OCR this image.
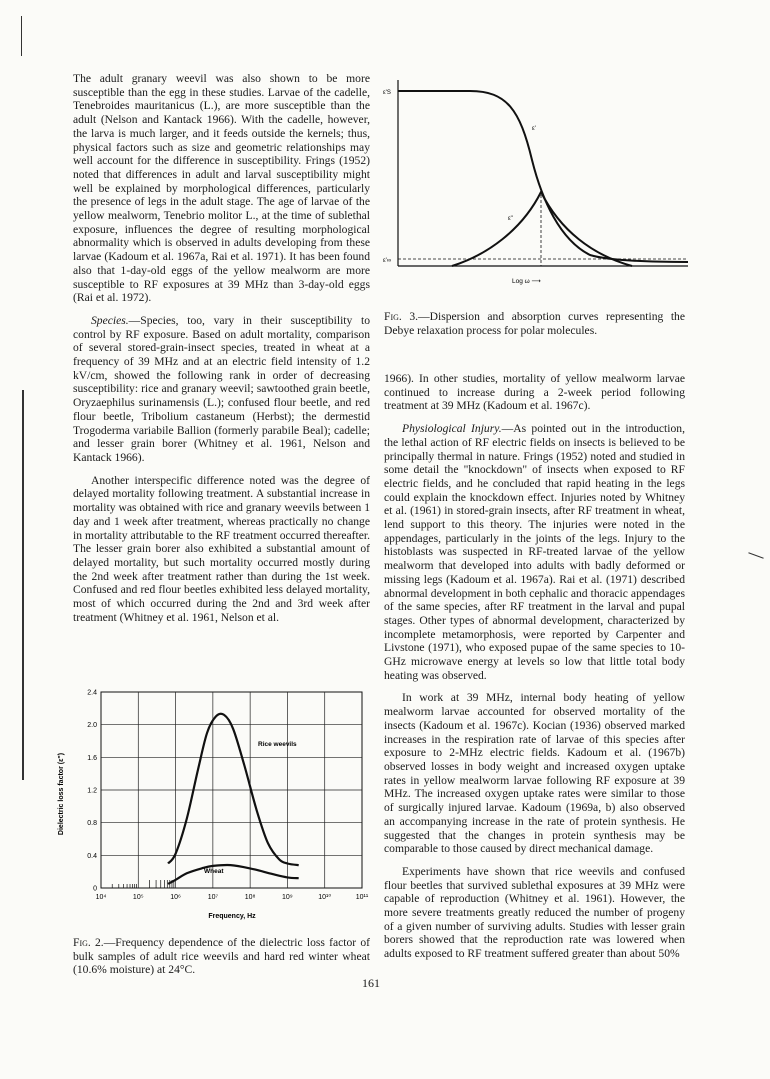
The adult granary weevil was also shown to be more susceptible than the egg in these studies. Larvae of the cadelle, Tenebroides mauritanicus (L.), are more susceptible than the adult (Nelson and Kantack 1966). With the cadelle, however, the larva is much larger, and it feeds outside the kernels; thus, physical factors such as size and geometric relationships may well account for the difference in susceptibility. Frings (1952) noted that differences in adult and larval susceptibility might well be explained by morphological differences, particularly the presence of legs in the adult stage. The age of larvae of the yellow mealworm, Tenebrio molitor L., at the time of sublethal exposure, influences the degree of resulting morphological abnormality which is observed in adults developing from these larvae (Kadoum et al. 1967a, Rai et al. 1971). It has been found also that 1-day-old eggs of the yellow mealworm are more susceptible to RF exposures at 39 MHz than 3-day-old eggs (Rai et al. 1972).

Species.—Species, too, vary in their susceptibility to control by RF exposure. Based on adult mortality, comparison of several stored-grain-insect species, treated in wheat at a frequency of 39 MHz and at an electric field intensity of 1.2 kV/cm, showed the following rank in order of decreasing susceptibility: rice and granary weevil; sawtoothed grain beetle, Oryzaephilus surinamensis (L.); confused flour beetle, and red flour beetle, Tribolium castaneum (Herbst); the dermestid Trogoderma variabile Ballion (formerly parabile Beal); cadelle; and lesser grain borer (Whitney et al. 1961, Nelson and Kantack 1966).

Another interspecific difference noted was the degree of delayed mortality following treatment. A substantial increase in mortality was obtained with rice and granary weevils between 1 day and 1 week after treatment, whereas practically no change in mortality attributable to the RF treatment occurred thereafter. The lesser grain borer also exhibited a substantial amount of delayed mortality, but such mortality occurred mostly during the 2nd week after treatment rather than during the 1st week. Confused and red flour beetles exhibited less delayed mortality, most of which occurred during the 2nd and 3rd week after treatment (Whitney et al. 1961, Nelson et al.

ε'S
ε'
ε"
ε'∞
Log ω ⟶
Fig. 3.—Dispersion and absorption curves representing the Debye relaxation process for polar molecules.

1966). In other studies, mortality of yellow mealworm larvae continued to increase during a 2-week period following treatment at 39 MHz (Kadoum et al. 1967c).

Physiological Injury.—As pointed out in the introduction, the lethal action of RF electric fields on insects is believed to be principally thermal in nature. Frings (1952) noted and studied in some detail the "knockdown" of insects when exposed to RF electric fields, and he concluded that rapid heating in the legs could explain the knockdown effect. Injuries noted by Whitney et al. (1961) in stored-grain insects, after RF treatment in wheat, lend support to this theory. The injuries were noted in the appendages, particularly in the joints of the legs. Injury to the histoblasts was suspected in RF-treated larvae of the yellow mealworm that developed into adults with badly deformed or missing legs (Kadoum et al. 1967a). Rai et al. (1971) described abnormal development in both cephalic and thoracic appendages of the same species, after RF treatment in the larval and pupal stages. Other types of abnormal development, characterized by incomplete metamorphosis, were reported by Carpenter and Livstone (1971), who exposed pupae of the same species to 10-GHz microwave energy at levels so low that little total body heating was observed.

In work at 39 MHz, internal body heating of yellow mealworm larvae accounted for observed mortality of the insects (Kadoum et al. 1967c). Kocian (1936) observed marked increases in the respiration rate of larvae of this species after exposure to 2-MHz electric fields. Kadoum et al. (1967b) observed losses in body weight and increased oxygen uptake rates in yellow mealworm larvae following RF exposure at 39 MHz. The increased oxygen uptake rates were similar to those of surgically injured larvae. Kadoum (1969a, b) also observed an accompanying increase in the rate of protein synthesis. He suggested that the changes in protein synthesis may be comparable to those caused by direct mechanical damage.

Experiments have shown that rice weevils and confused flour beetles that survived sublethal exposures at 39 MHz were capable of reproduction (Whitney et al. 1961). However, the more severe treatments greatly reduced the number of progeny of a given number of surviving adults. Studies with lesser grain borers showed that the reproduction rate was lowered when adults exposed to RF treatment suffered greater than about 50%

10⁴	10⁵	10⁶	10⁷	10⁸	10⁹	10¹⁰	10¹¹
0
0.4
0.8
1.2
1.6
2.0
2.4
Frequency, Hz
Dielectric loss factor (ε")
Rice weevils
Wheat
Fig. 2.—Frequency dependence of the dielectric loss factor of bulk samples of adult rice weevils and hard red winter wheat (10.6% moisture) at 24°C.
161
